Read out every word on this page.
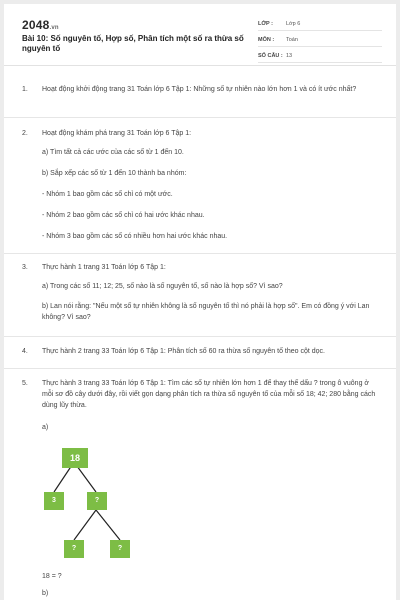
2048.vn
Bài 10: Số nguyên tố, Hợp số, Phân tích một số ra thừa số nguyên tố
LỚP :	Lớp 6
MÔN :	Toán
SỐ CÂU : 13
1. Hoạt động khởi động trang 31 Toán lớp 6 Tập 1: Những số tự nhiên nào lớn hơn 1 và có ít ước nhất?
2. Hoạt động khám phá trang 31 Toán lớp 6 Tập 1:
a) Tìm tất cả các ước của các số từ 1 đến 10.
b) Sắp xếp các số từ 1 đến 10 thành ba nhóm:
- Nhóm 1 bao gồm các số chỉ có một ước.
- Nhóm 2 bao gồm các số chỉ có hai ước khác nhau.
- Nhóm 3 bao gồm các số có nhiều hơn hai ước khác nhau.
3. Thực hành 1 trang 31 Toán lớp 6 Tập 1:
a) Trong các số 11; 12; 25, số nào là số nguyên tố, số nào là hợp số? Vì sao?
b) Lan nói rằng: "Nếu một số tự nhiên không là số nguyên tố thì nó phải là hợp số". Em có đồng ý với Lan không? Vì sao?
4. Thực hành 2 trang 33 Toán lớp 6 Tập 1: Phân tích số 60 ra thừa số nguyên tố theo cột dọc.
5. Thực hành 3 trang 33 Toán lớp 6 Tập 1: Tìm các số tự nhiên lớn hơn 1 để thay thế dấu ? trong ô vuông ở mỗi sơ đồ cây dưới đây, rồi viết gọn dạng phân tích ra thừa số nguyên tố của mỗi số 18; 42; 280 bằng cách dùng lũy thừa.
a)
18
3	?
?	?
18 = ?
b)
